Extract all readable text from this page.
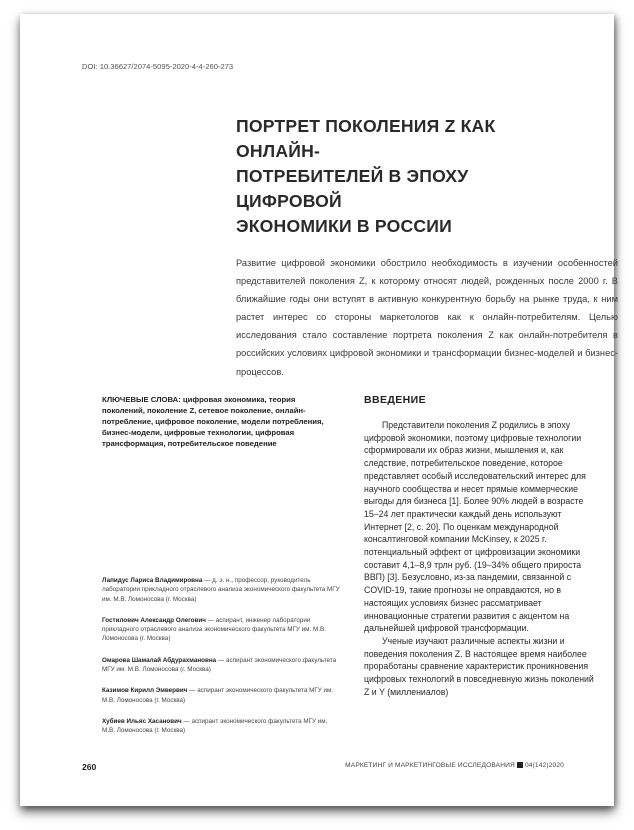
DOI: 10.36627/2074-5095-2020-4-4-260-273
ПОРТРЕТ ПОКОЛЕНИЯ Z КАК ОНЛАЙН-
ПОТРЕБИТЕЛЕЙ В ЭПОХУ ЦИФРОВОЙ
ЭКОНОМИКИ В РОССИИ
Развитие цифровой экономики обострило необходимость в изучении особенностей представителей поколения Z, к которому относят людей, рожденных после 2000 г. В ближайшие годы они вступят в активную конкурентную борьбу на рынке труда, к ним растет интерес со стороны маркетологов как к онлайн-потребителям. Целью исследования стало составление портрета поколения Z как онлайн-потребителя в российских условиях цифровой экономики и трансформации бизнес-моделей и бизнес-процессов.
КЛЮЧЕВЫЕ СЛОВА: цифровая экономика, теория поколений, поколение Z, сетевое поколение, онлайн-потребление, цифровое поколение, модели потребления, бизнес-модели, цифровые технологии, цифровая трансформация, потребительское поведение
Лапидус Лариса Владимировна — д. э. н., профессор, руководитель лаборатории прикладного отраслевого анализа экономического факультета МГУ им. М.В. Ломоносова (г. Москва)
Гостилович Александр Олегович — аспирант, инженер лаборатории прикладного отраслевого анализа экономического факультета МГУ им. М.В. Ломоносова (г. Москва)
Омарова Шамалай Абдурахмановна — аспирант экономического факультета МГУ им. М.В. Ломоносова (г. Москва)
Казимов Кирилл Эмвервич — аспирант экономического факультета МГУ им. М.В. Ломоносова (г. Москва)
Хубиев Ильяс Хасанович — аспирант экономического факультета МГУ им. М.В. Ломоносова (г. Москва)
ВВЕДЕНИЕ

Представители поколения Z родились в эпоху цифровой экономики, поэтому цифровые технологии сформировали их образ жизни, мышления и, как следствие, потребительское поведение, которое представляет особый исследовательский интерес для научного сообщества и несет прямые коммерческие выгоды для бизнеса [1]. Более 90% людей в возрасте 15–24 лет практически каждый день используют Интернет [2, с. 20]. По оценкам международной консалтинговой компании McKinsey, к 2025 г. потенциальный эффект от цифровизации экономики составит 4,1–8,9 трлн руб. (19–34% общего прироста ВВП) [3]. Безусловно, из-за пандемии, связанной с COVID-19, такие прогнозы не оправдаются, но в настоящих условиях бизнес рассматривает инновационные стратегии развития с акцентом на дальнейшей цифровой трансформации.

Ученые изучают различные аспекты жизни и поведения поколения Z. В настоящее время наиболее проработаны сравнение характеристик проникновения цифровых технологий в повседневную жизнь поколений Z и Y (миллениалов)

260	МАРКЕТИНГ И МАРКЕТИНГОВЫЕ ИССЛЕДОВАНИЯ 04(142)2020
